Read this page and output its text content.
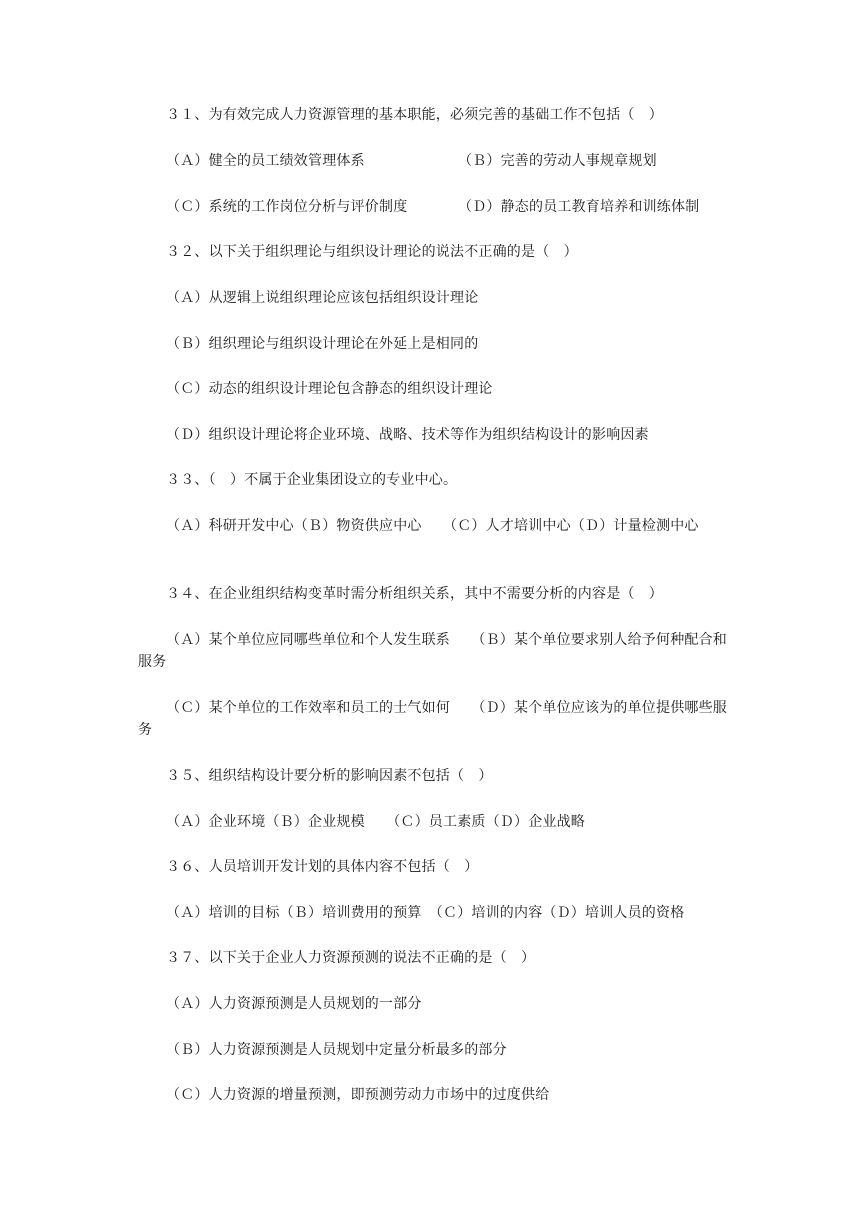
３１、为有效完成人力资源管理的基本职能，必须完善的基础工作不包括（　）
（Ａ）健全的员工绩效管理体系	（Ｂ）完善的劳动人事规章规划
（Ｃ）系统的工作岗位分析与评价制度	（Ｄ）静态的员工教育培养和训练体制
３２、以下关于组织理论与组织设计理论的说法不正确的是（　）
（Ａ）从逻辑上说组织理论应该包括组织设计理论
（Ｂ）组织理论与组织设计理论在外延上是相同的
（Ｃ）动态的组织设计理论包含静态的组织设计理论
（Ｄ）组织设计理论将企业环境、战略、技术等作为组织结构设计的影响因素
３３、（　）不属于企业集团设立的专业中心。
（Ａ）科研开发中心（Ｂ）物资供应中心　　（Ｃ）人才培训中心（Ｄ）计量检测中心
３４、在企业组织结构变革时需分析组织关系，其中不需要分析的内容是（　）
（Ａ）某个单位应同哪些单位和个人发生联系　　（Ｂ）某个单位要求别人给予何种配合和服务
（Ｃ）某个单位的工作效率和员工的士气如何　　（Ｄ）某个单位应该为的单位提供哪些服务
３５、组织结构设计要分析的影响因素不包括（　）
（Ａ）企业环境（Ｂ）企业规模　　（Ｃ）员工素质（Ｄ）企业战略
３６、人员培训开发计划的具体内容不包括（　）
（Ａ）培训的目标（Ｂ）培训费用的预算　（Ｃ）培训的内容（Ｄ）培训人员的资格
３７、以下关于企业人力资源预测的说法不正确的是（　）
（Ａ）人力资源预测是人员规划的一部分
（Ｂ）人力资源预测是人员规划中定量分析最多的部分
（Ｃ）人力资源的增量预测，即预测劳动力市场中的过度供给
